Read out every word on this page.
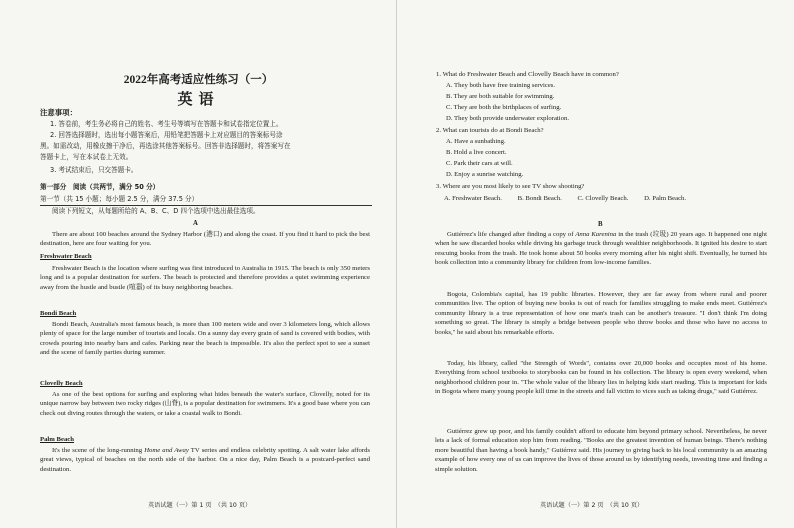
2022年高考适应性练习（一）
英语
注意事项：
1. 答卷前，考生务必将自己的姓名、考生号等填写在答题卡和试卷指定位置上。
2. 回答选择题时，选出每小题答案后，用铅笔把答题卡上对应题目的答案标号涂
黑。如需改动，用橡皮擦干净后，再选涂其他答案标号。回答非选择题时，将答案写在
答题卡上，写在本试卷上无效。
3. 考试结束后，只交答题卡。
第一部分　阅读（共两节，满分 50 分）
第一节（共 15 小题；每小题 2.5 分，满分 37.5 分）
阅读下列短文，从每题所给的 A、B、C、D 四个选项中选出最佳选项。
A
There are about 100 beaches around the Sydney Harbor (港口) and along the coast. If you find it hard to pick the best destination, here are four waiting for you.
Freshwater Beach
Freshwater Beach is the location where surfing was first introduced to Australia in 1915. The beach is only 350 meters long and is a popular destination for surfers. The beach is protected and therefore provides a quiet swimming experience away from the hustle and bustle (喧嚣) of its busy neighboring beaches.
Bondi Beach
Bondi Beach, Australia's most famous beach, is more than 100 meters wide and over 3 kilometers long, which allows plenty of space for the large number of tourists and locals. On a sunny day every grain of sand is covered with bodies, with crowds pouring into nearby bars and cafes. Parking near the beach is impossible. It's also the perfect spot to see a sunset and the scene of family parties during summer.
Clovelly Beach
As one of the best options for surfing and exploring what hides beneath the water's surface, Clovelly, noted for its unique narrow bay between two rocky ridges (山脊), is a popular destination for swimmers. It's a good base where you can check out diving routes through the waters, or take a coastal walk to Bondi.
Palm Beach
It's the scene of the long-running Home and Away TV series and endless celebrity spotting. A salt water lake affords great views, typical of beaches on the north side of the harbor. On a nice day, Palm Beach is a postcard-perfect sand destination.
英语试题（一）第 1 页　（共 10 页）
1. What do Freshwater Beach and Clovelly Beach have in common?
A. They both have free training services.
B. They are both suitable for swimming.
C. They are both the birthplaces of surfing.
D. They both provide underwater exploration.
2. What can tourists do at Bondi Beach?
A. Have a sunbathing.
B. Hold a live concert.
C. Park their cars at will.
D. Enjoy a sunrise watching.
3. Where are you most likely to see TV show shooting?
A. Freshwater Beach. B. Bondi Beach. C. Clovelly Beach. D. Palm Beach.
B
Gutiérrez's life changed after finding a copy of Anna Karenina in the trash (垃圾) 20 years ago. It happened one night when he saw discarded books while driving his garbage truck through wealthier neighborhoods. It ignited his desire to start rescuing books from the trash. He took home about 50 books every morning after his night shift. Eventually, he turned his book collection into a community library for children from low-income families.
Bogota, Colombia's capital, has 19 public libraries. However, they are far away from where rural and poorer communities live. The option of buying new books is out of reach for families struggling to make ends meet. Gutiérrez's community library is a true representation of how one man's trash can be another's treasure. "I don't think I'm doing something so great. The library is simply a bridge between people who throw books and those who have no access to books," he said about his remarkable efforts.
Today, his library, called "the Strength of Words", contains over 20,000 books and occupies most of his home. Everything from school textbooks to storybooks can be found in his collection. The library is open every weekend, when neighborhood children pour in. "The whole value of the library lies in helping kids start reading. This is important for kids in Bogota where many young people kill time in the streets and fall victim to vices such as taking drugs," said Gutiérrez.
Gutiérrez grew up poor, and his family couldn't afford to educate him beyond primary school. Nevertheless, he never lets a lack of formal education stop him from reading. "Books are the greatest invention of human beings. There's nothing more beautiful than having a book handy," Gutiérrez said. His journey to giving back to his local community is an amazing example of how every one of us can improve the lives of those around us by identifying needs, investing time and finding a simple solution.
英语试题（一）第 2 页　（共 10 页）
